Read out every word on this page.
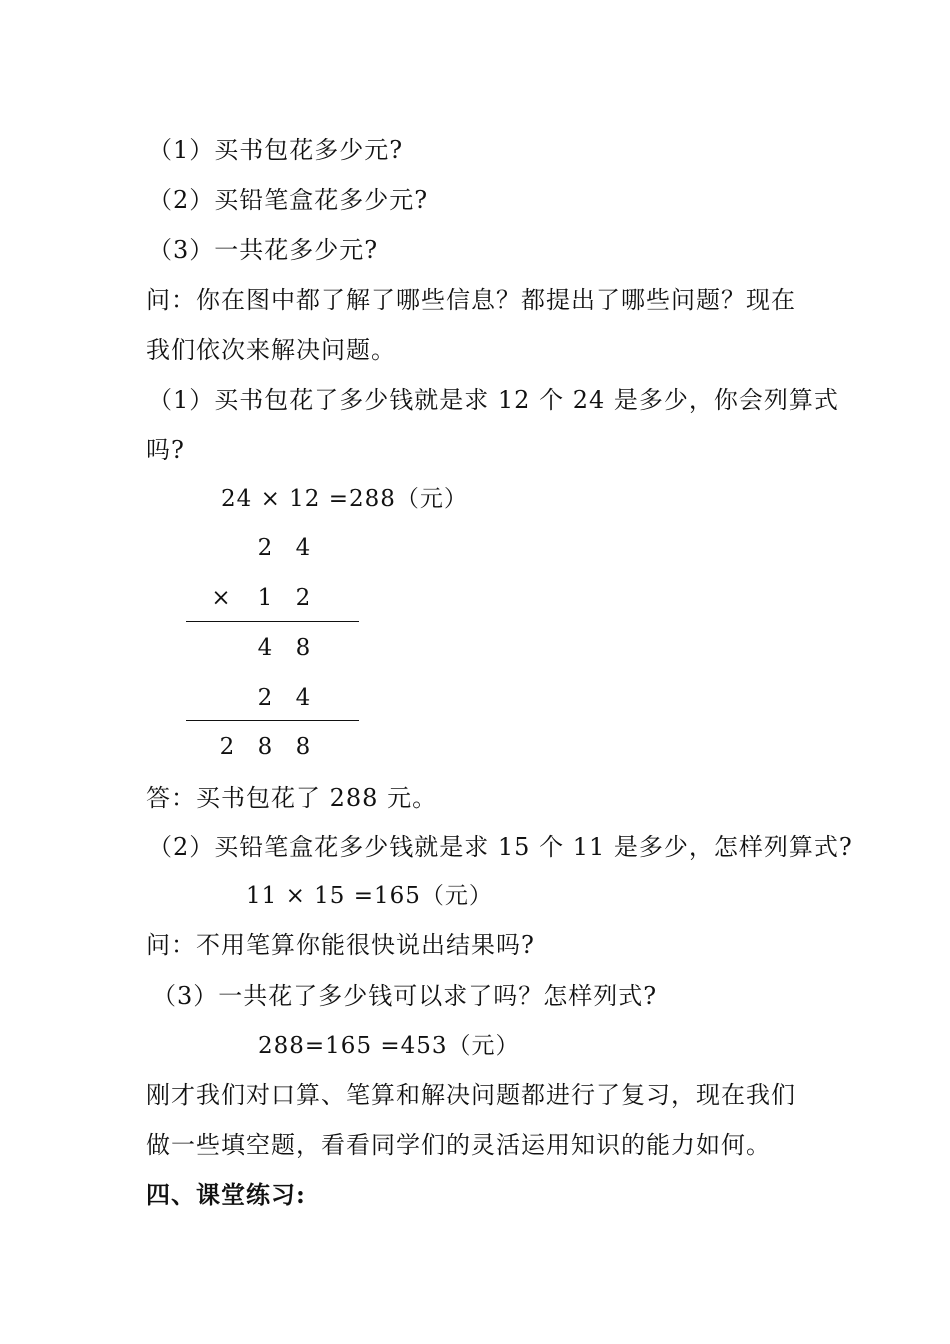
（1）买书包花多少元?
（2）买铅笔盒花多少元?
（3）一共花多少元?
问：你在图中都了解了哪些信息？都提出了哪些问题？现在
我们依次来解决问题。
（1）买书包花了多少钱就是求 12 个 24 是多少，你会列算式
吗?
24 × 12 =288（元）
2 4
× 1 2
4 8
2 4
2 8 8
答：买书包花了 288 元。
（2）买铅笔盒花多少钱就是求 15 个 11 是多少，怎样列算式?
11 × 15 =165（元）
问：不用笔算你能很快说出结果吗?
（3）一共花了多少钱可以求了吗？怎样列式?
288=165 =453（元）
刚才我们对口算、笔算和解决问题都进行了复习，现在我们
做一些填空题，看看同学们的灵活运用知识的能力如何。
四、课堂练习:
